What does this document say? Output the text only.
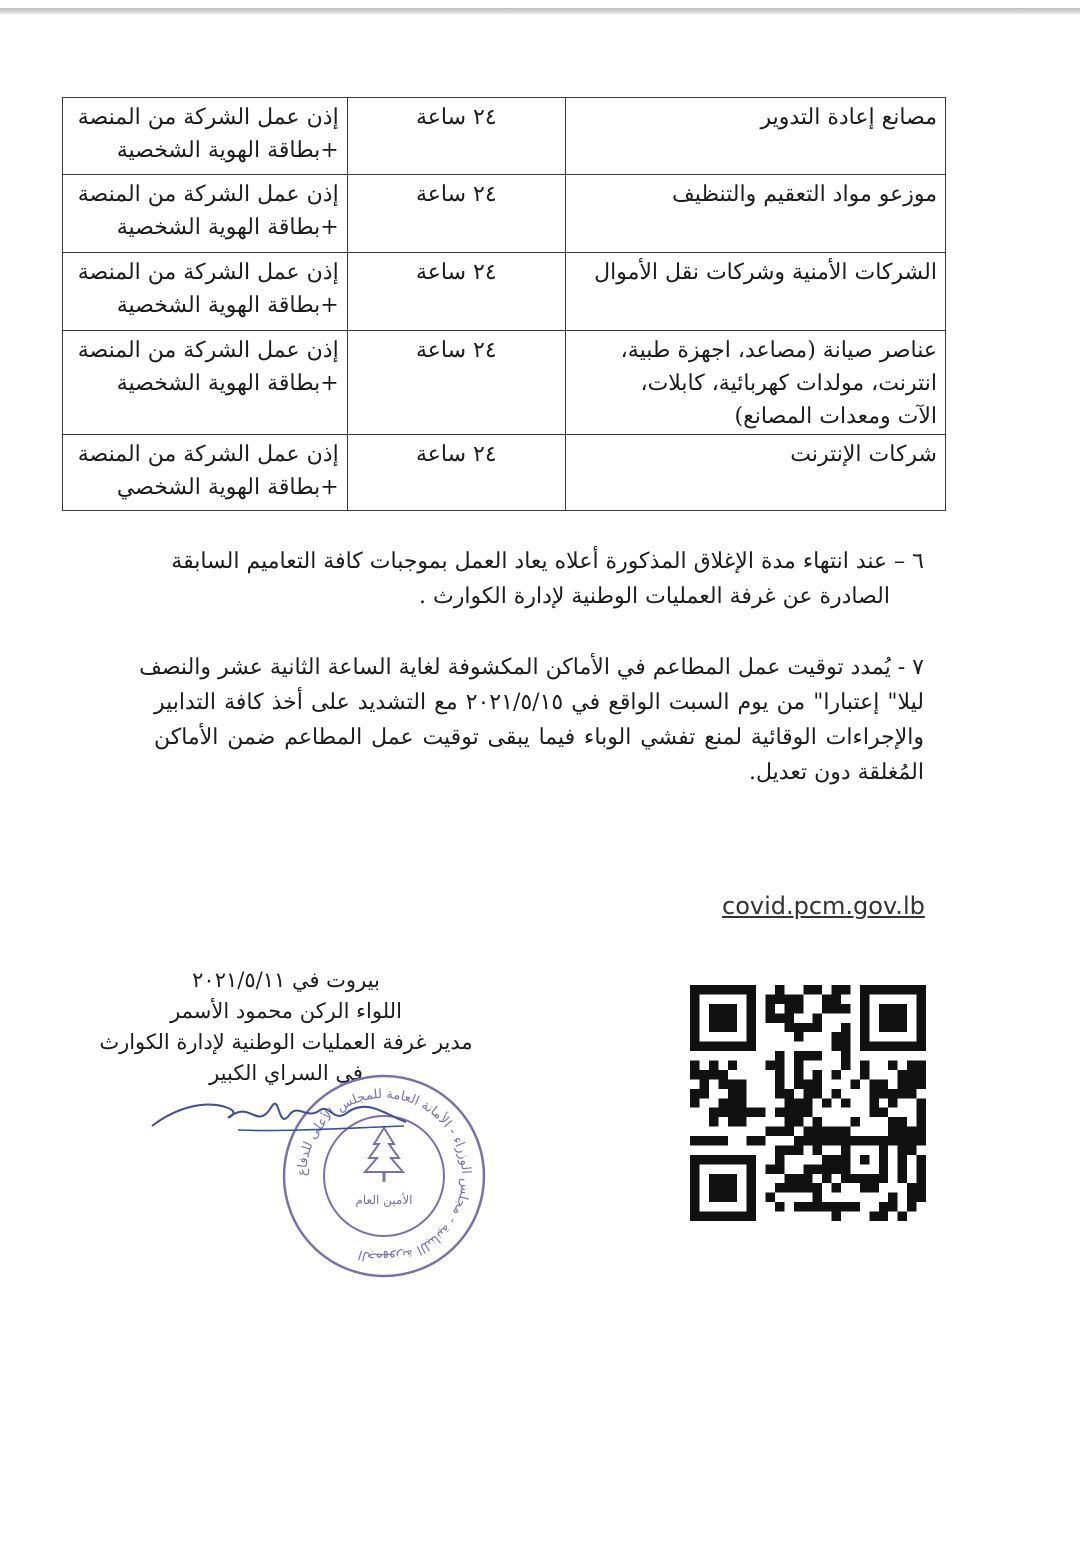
مصانع إعادة التدوير	٢٤ ساعة	إذن عمل الشركة من المنصة
+بطاقة الهوية الشخصية

موزعو مواد التعقيم والتنظيف	٢٤ ساعة	إذن عمل الشركة من المنصة
+بطاقة الهوية الشخصية

الشركات الأمنية وشركات نقل الأموال	٢٤ ساعة	إذن عمل الشركة من المنصة
+بطاقة الهوية الشخصية

عناصر صيانة (مصاعد، اجهزة طبية،
انترنت، مولدات كهربائية، كابلات،
الآت ومعدات المصانع)	٢٤ ساعة	إذن عمل الشركة من المنصة
+بطاقة الهوية الشخصية

شركات الإنترنت	٢٤ ساعة	إذن عمل الشركة من المنصة
+بطاقة الهوية الشخصي
٦ – عند انتهاء مدة الإغلاق المذكورة أعلاه يعاد العمل بموجبات كافة التعاميم السابقة
الصادرة عن غرفة العمليات الوطنية لإدارة الكوارث .
٧ - يُمدد توقيت عمل المطاعم في الأماكن المكشوفة لغاية الساعة الثانية عشر والنصف
ليلا" إعتبارا" من يوم السبت الواقع في ٢٠٢١/٥/١٥ مع التشديد على أخذ كافة التدابير
والإجراءات الوقائية لمنع تفشي الوباء فيما يبقى توقيت عمل المطاعم ضمن الأماكن
المُغلقة دون تعديل.
covid.pcm.gov.lb
بيروت في ٢٠٢١/٥/١١
اللواء الركن محمود الأسمر
مدير غرفة العمليات الوطنية لإدارة الكوارث
في السراي الكبير
الجمهورية اللبنانية - مجلس الوزراء - الأمانة العامة للمجلس الأعلى للدفاع
الأمين العام
